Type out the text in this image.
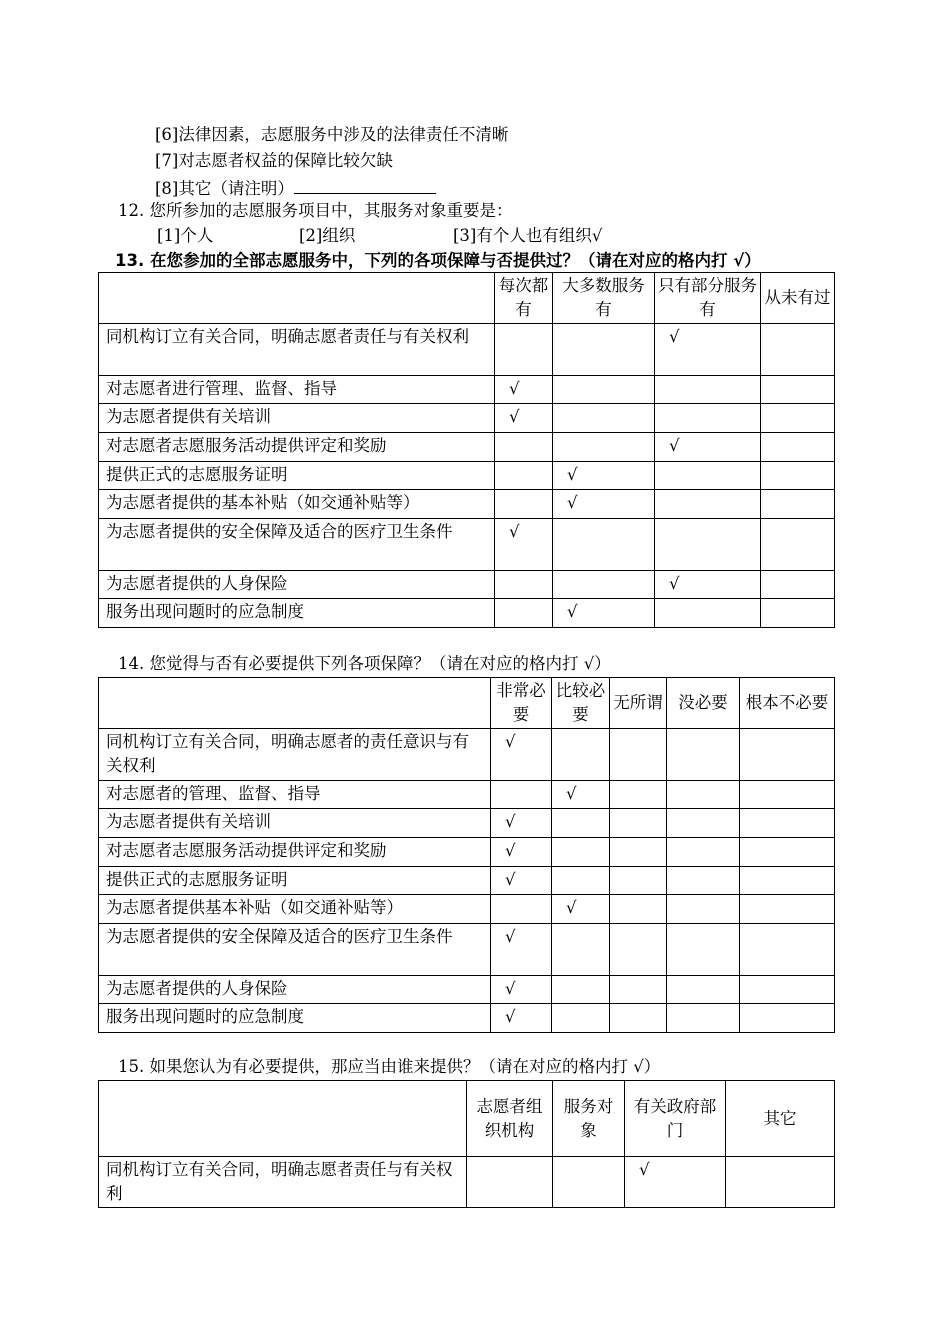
[6]法律因素，志愿服务中涉及的法律责任不清晰
[7]对志愿者权益的保障比较欠缺
[8]其它（请注明）
12. 您所参加的志愿服务项目中，其服务对象重要是：
[1]个人	[2]组织	[3]有个人也有组织√
13. 在您参加的全部志愿服务中，下列的各项保障与否提供过？（请在对应的格内打 √）
	每次都有	大多数服务有	只有部分服务有	从未有过
同机构订立有关合同，明确志愿者责任与有关权利			√	
对志愿者进行管理、监督、指导	√			
为志愿者提供有关培训	√			
对志愿者志愿服务活动提供评定和奖励			√	
提供正式的志愿服务证明		√		
为志愿者提供的基本补贴（如交通补贴等）		√		
为志愿者提供的安全保障及适合的医疗卫生条件	√			
为志愿者提供的人身保险			√	
服务出现问题时的应急制度		√		
14. 您觉得与否有必要提供下列各项保障？（请在对应的格内打 √）
	非常必要	比较必要	无所谓	没必要	根本不必要
同机构订立有关合同，明确志愿者的责任意识与有关权利	√				
对志愿者的管理、监督、指导		√			
为志愿者提供有关培训	√				
对志愿者志愿服务活动提供评定和奖励	√				
提供正式的志愿服务证明	√				
为志愿者提供基本补贴（如交通补贴等）		√			
为志愿者提供的安全保障及适合的医疗卫生条件	√				
为志愿者提供的人身保险	√				
服务出现问题时的应急制度	√				
15. 如果您认为有必要提供，那应当由谁来提供？（请在对应的格内打 √）
	志愿者组织机构	服务对象	有关政府部门	其它
同机构订立有关合同，明确志愿者责任与有关权利			√	
